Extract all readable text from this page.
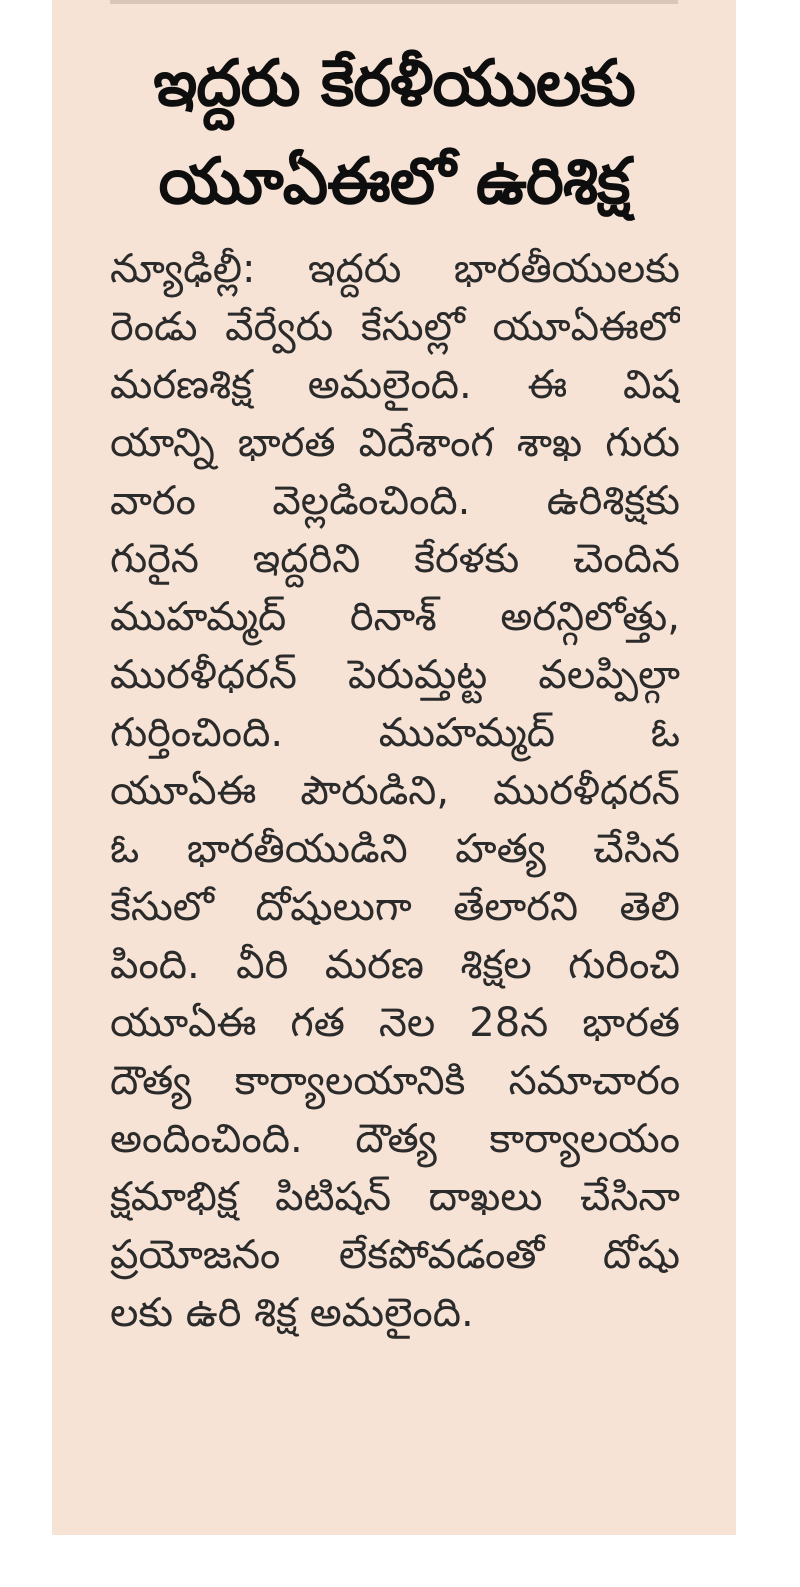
ఇద్దరు కేరళీయులకు
యూఏఈలో ఉరిశిక్ష
న్యూఢిల్లీ: ఇద్దరు భారతీయులకు
రెండు వేర్వేరు కేసుల్లో యూఏఈలో
మరణశిక్ష అమలైంది. ఈ విష
యాన్ని భారత విదేశాంగ శాఖ గురు
వారం వెల్లడించింది. ఉరిశిక్షకు
గురైన ఇద్దరిని కేరళకు చెందిన
ముహమ్మద్ రినాశ్ అరన్గిలోత్తు,
మురళీధరన్ పెరుమ్తట్ట వలప్పిల్గా
గుర్తించింది. ముహమ్మద్ ఓ
యూఏఈ పౌరుడిని, మురళీధరన్
ఓ భారతీయుడిని హత్య చేసిన
కేసులో దోషులుగా తేలారని తెలి
పింది. వీరి మరణ శిక్షల గురించి
యూఏఈ గత నెల 28న భారత
దౌత్య కార్యాలయానికి సమాచారం
అందించింది. దౌత్య కార్యాలయం
క్షమాభిక్ష పిటిషన్ దాఖలు చేసినా
ప్రయోజనం లేకపోవడంతో దోషు
లకు ఉరి శిక్ష అమలైంది.
